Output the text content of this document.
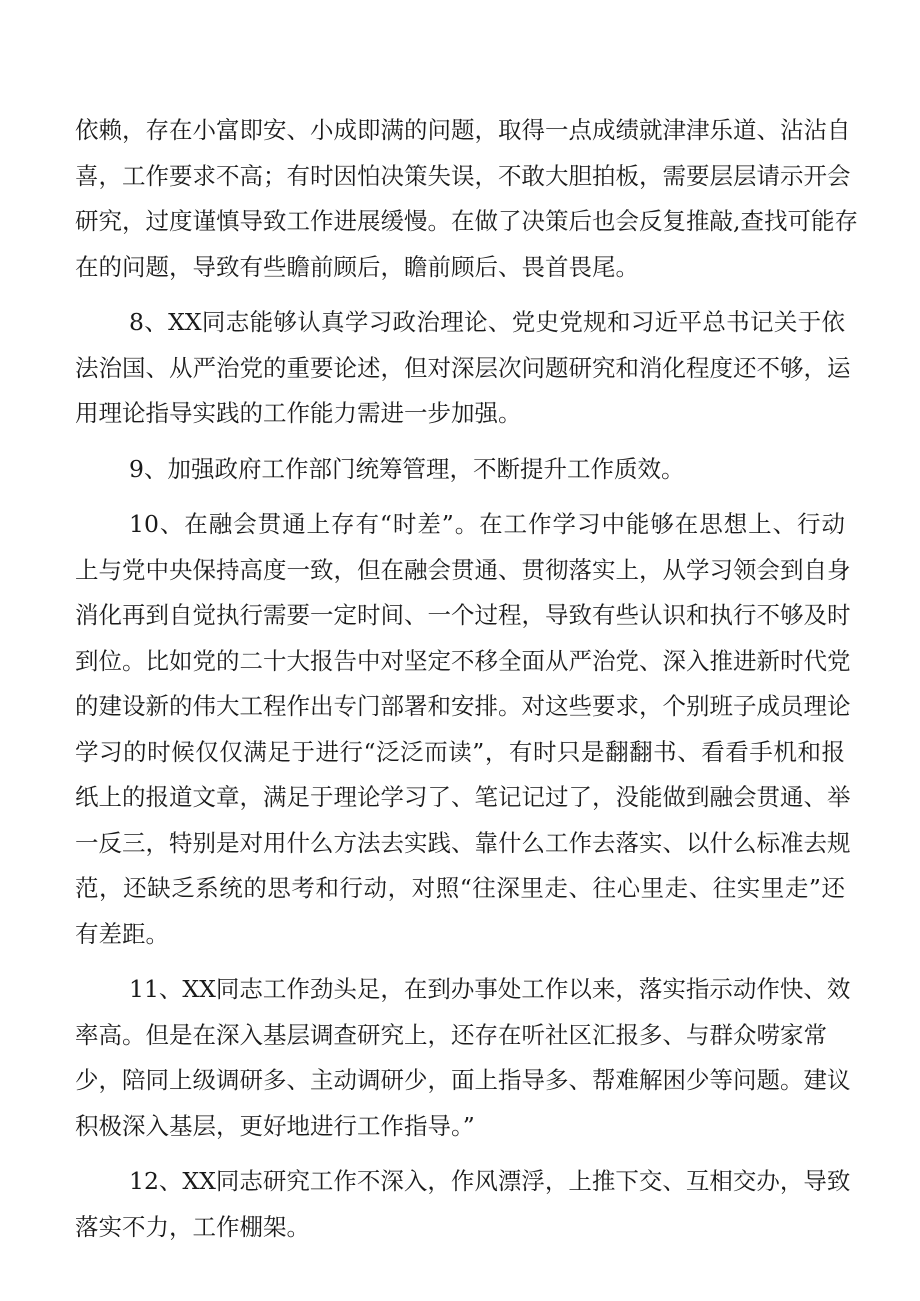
依赖，存在小富即安、小成即满的问题，取得一点成绩就津津乐道、沾沾自
喜，工作要求不高；有时因怕决策失误，不敢大胆拍板，需要层层请示开会
研究，过度谨慎导致工作进展缓慢。在做了决策后也会反复推敲,查找可能存
在的问题，导致有些瞻前顾后，瞻前顾后、畏首畏尾。
8、XX同志能够认真学习政治理论、党史党规和习近平总书记关于依
法治国、从严治党的重要论述，但对深层次问题研究和消化程度还不够，运
用理论指导实践的工作能力需进一步加强。
9、加强政府工作部门统筹管理，不断提升工作质效。
10、在融会贯通上存有“时差”。在工作学习中能够在思想上、行动
上与党中央保持高度一致，但在融会贯通、贯彻落实上，从学习领会到自身
消化再到自觉执行需要一定时间、一个过程，导致有些认识和执行不够及时
到位。比如党的二十大报告中对坚定不移全面从严治党、深入推进新时代党
的建设新的伟大工程作出专门部署和安排。对这些要求，个别班子成员理论
学习的时候仅仅满足于进行“泛泛而读”，有时只是翻翻书、看看手机和报
纸上的报道文章，满足于理论学习了、笔记记过了，没能做到融会贯通、举
一反三，特别是对用什么方法去实践、靠什么工作去落实、以什么标准去规
范，还缺乏系统的思考和行动，对照“往深里走、往心里走、往实里走”还
有差距。
11、XX同志工作劲头足，在到办事处工作以来，落实指示动作快、效
率高。但是在深入基层调查研究上，还存在听社区汇报多、与群众唠家常
少，陪同上级调研多、主动调研少，面上指导多、帮难解困少等问题。建议
积极深入基层，更好地进行工作指导。”
12、XX同志研究工作不深入，作风漂浮，上推下交、互相交办，导致
落实不力，工作棚架。
